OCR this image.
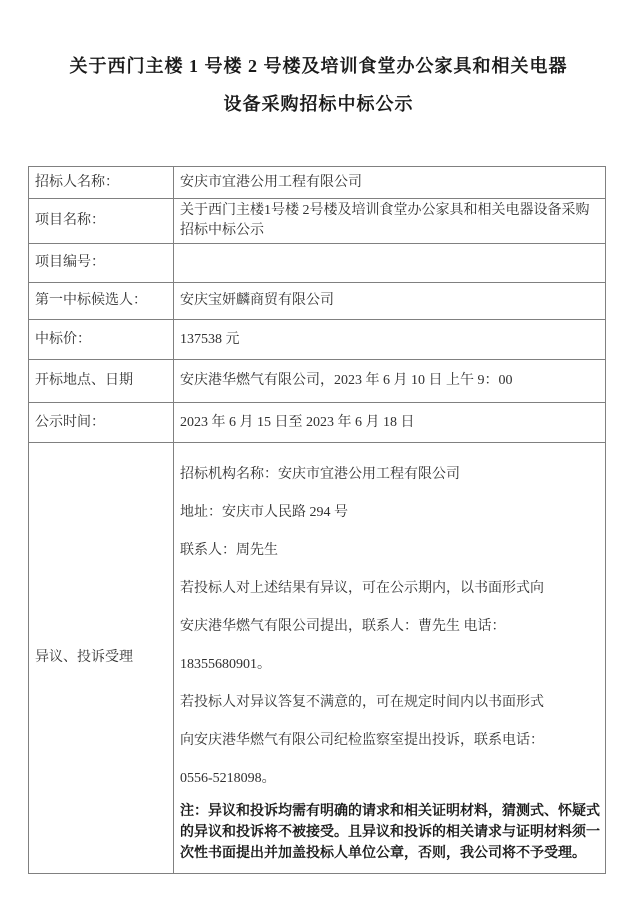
关于西门主楼 1 号楼 2 号楼及培训食堂办公家具和相关电器
设备采购招标中标公示
招标人名称：	安庆市宜港公用工程有限公司
项目名称：	关于西门主楼1号楼 2号楼及培训食堂办公家具和相关电器设备采购招标中标公示
项目编号：	
第一中标候选人：	安庆宝妍麟商贸有限公司
中标价：	137538 元
开标地点、日期	安庆港华燃气有限公司，2023 年 6 月 10 日 上午 9：00
公示时间：	2023 年 6 月 15 日至 2023 年 6 月 18 日
异议、投诉受理	
招标机构名称：安庆市宜港公用工程有限公司
地址：安庆市人民路 294 号
联系人：周先生
若投标人对上述结果有异议，可在公示期内，以书面形式向
安庆港华燃气有限公司提出，联系人：曹先生 电话：
18355680901。
若投标人对异议答复不满意的，可在规定时间内以书面形式
向安庆港华燃气有限公司纪检监察室提出投诉，联系电话：
0556-5218098。
注：异议和投诉均需有明确的请求和相关证明材料，猜测式、怀疑式
的异议和投诉将不被接受。且异议和投诉的相关请求与证明材料须一
次性书面提出并加盖投标人单位公章，否则，我公司将不予受理。
